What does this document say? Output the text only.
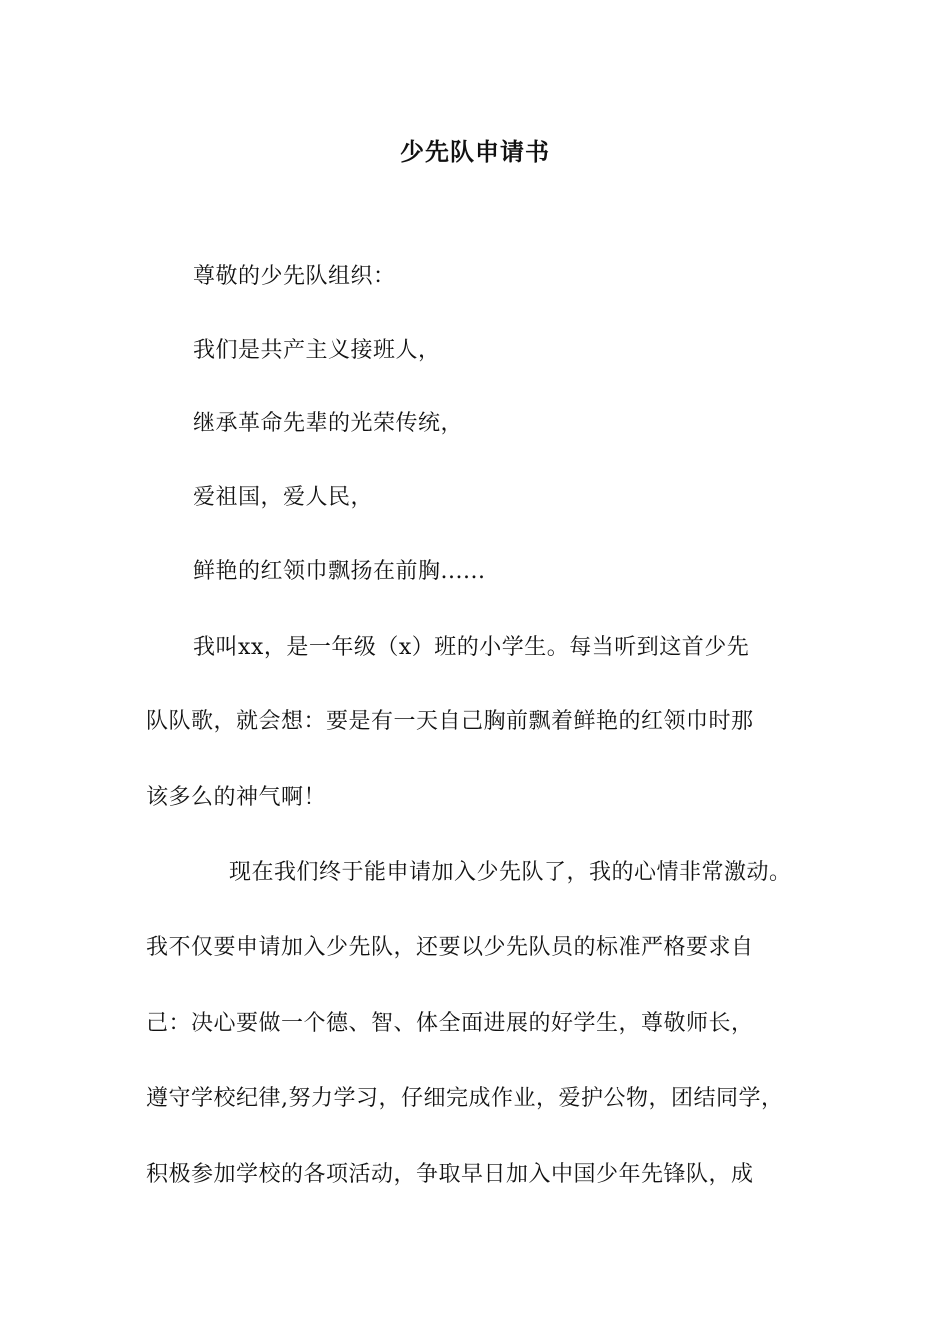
少先队申请书
尊敬的少先队组织：
我们是共产主义接班人，
继承革命先辈的光荣传统，
爱祖国，爱人民，
鲜艳的红领巾飘扬在前胸......
我叫xx，是一年级（x）班的小学生。每当听到这首少先
队队歌，就会想：要是有一天自己胸前飘着鲜艳的红领巾时那
该多么的神气啊！
现在我们终于能申请加入少先队了，我的心情非常激动。
我不仅要申请加入少先队，还要以少先队员的标准严格要求自
己：决心要做一个德、智、体全面进展的好学生，尊敬师长，
遵守学校纪律,努力学习，仔细完成作业，爱护公物，团结同学，
积极参加学校的各项活动，争取早日加入中国少年先锋队，成
